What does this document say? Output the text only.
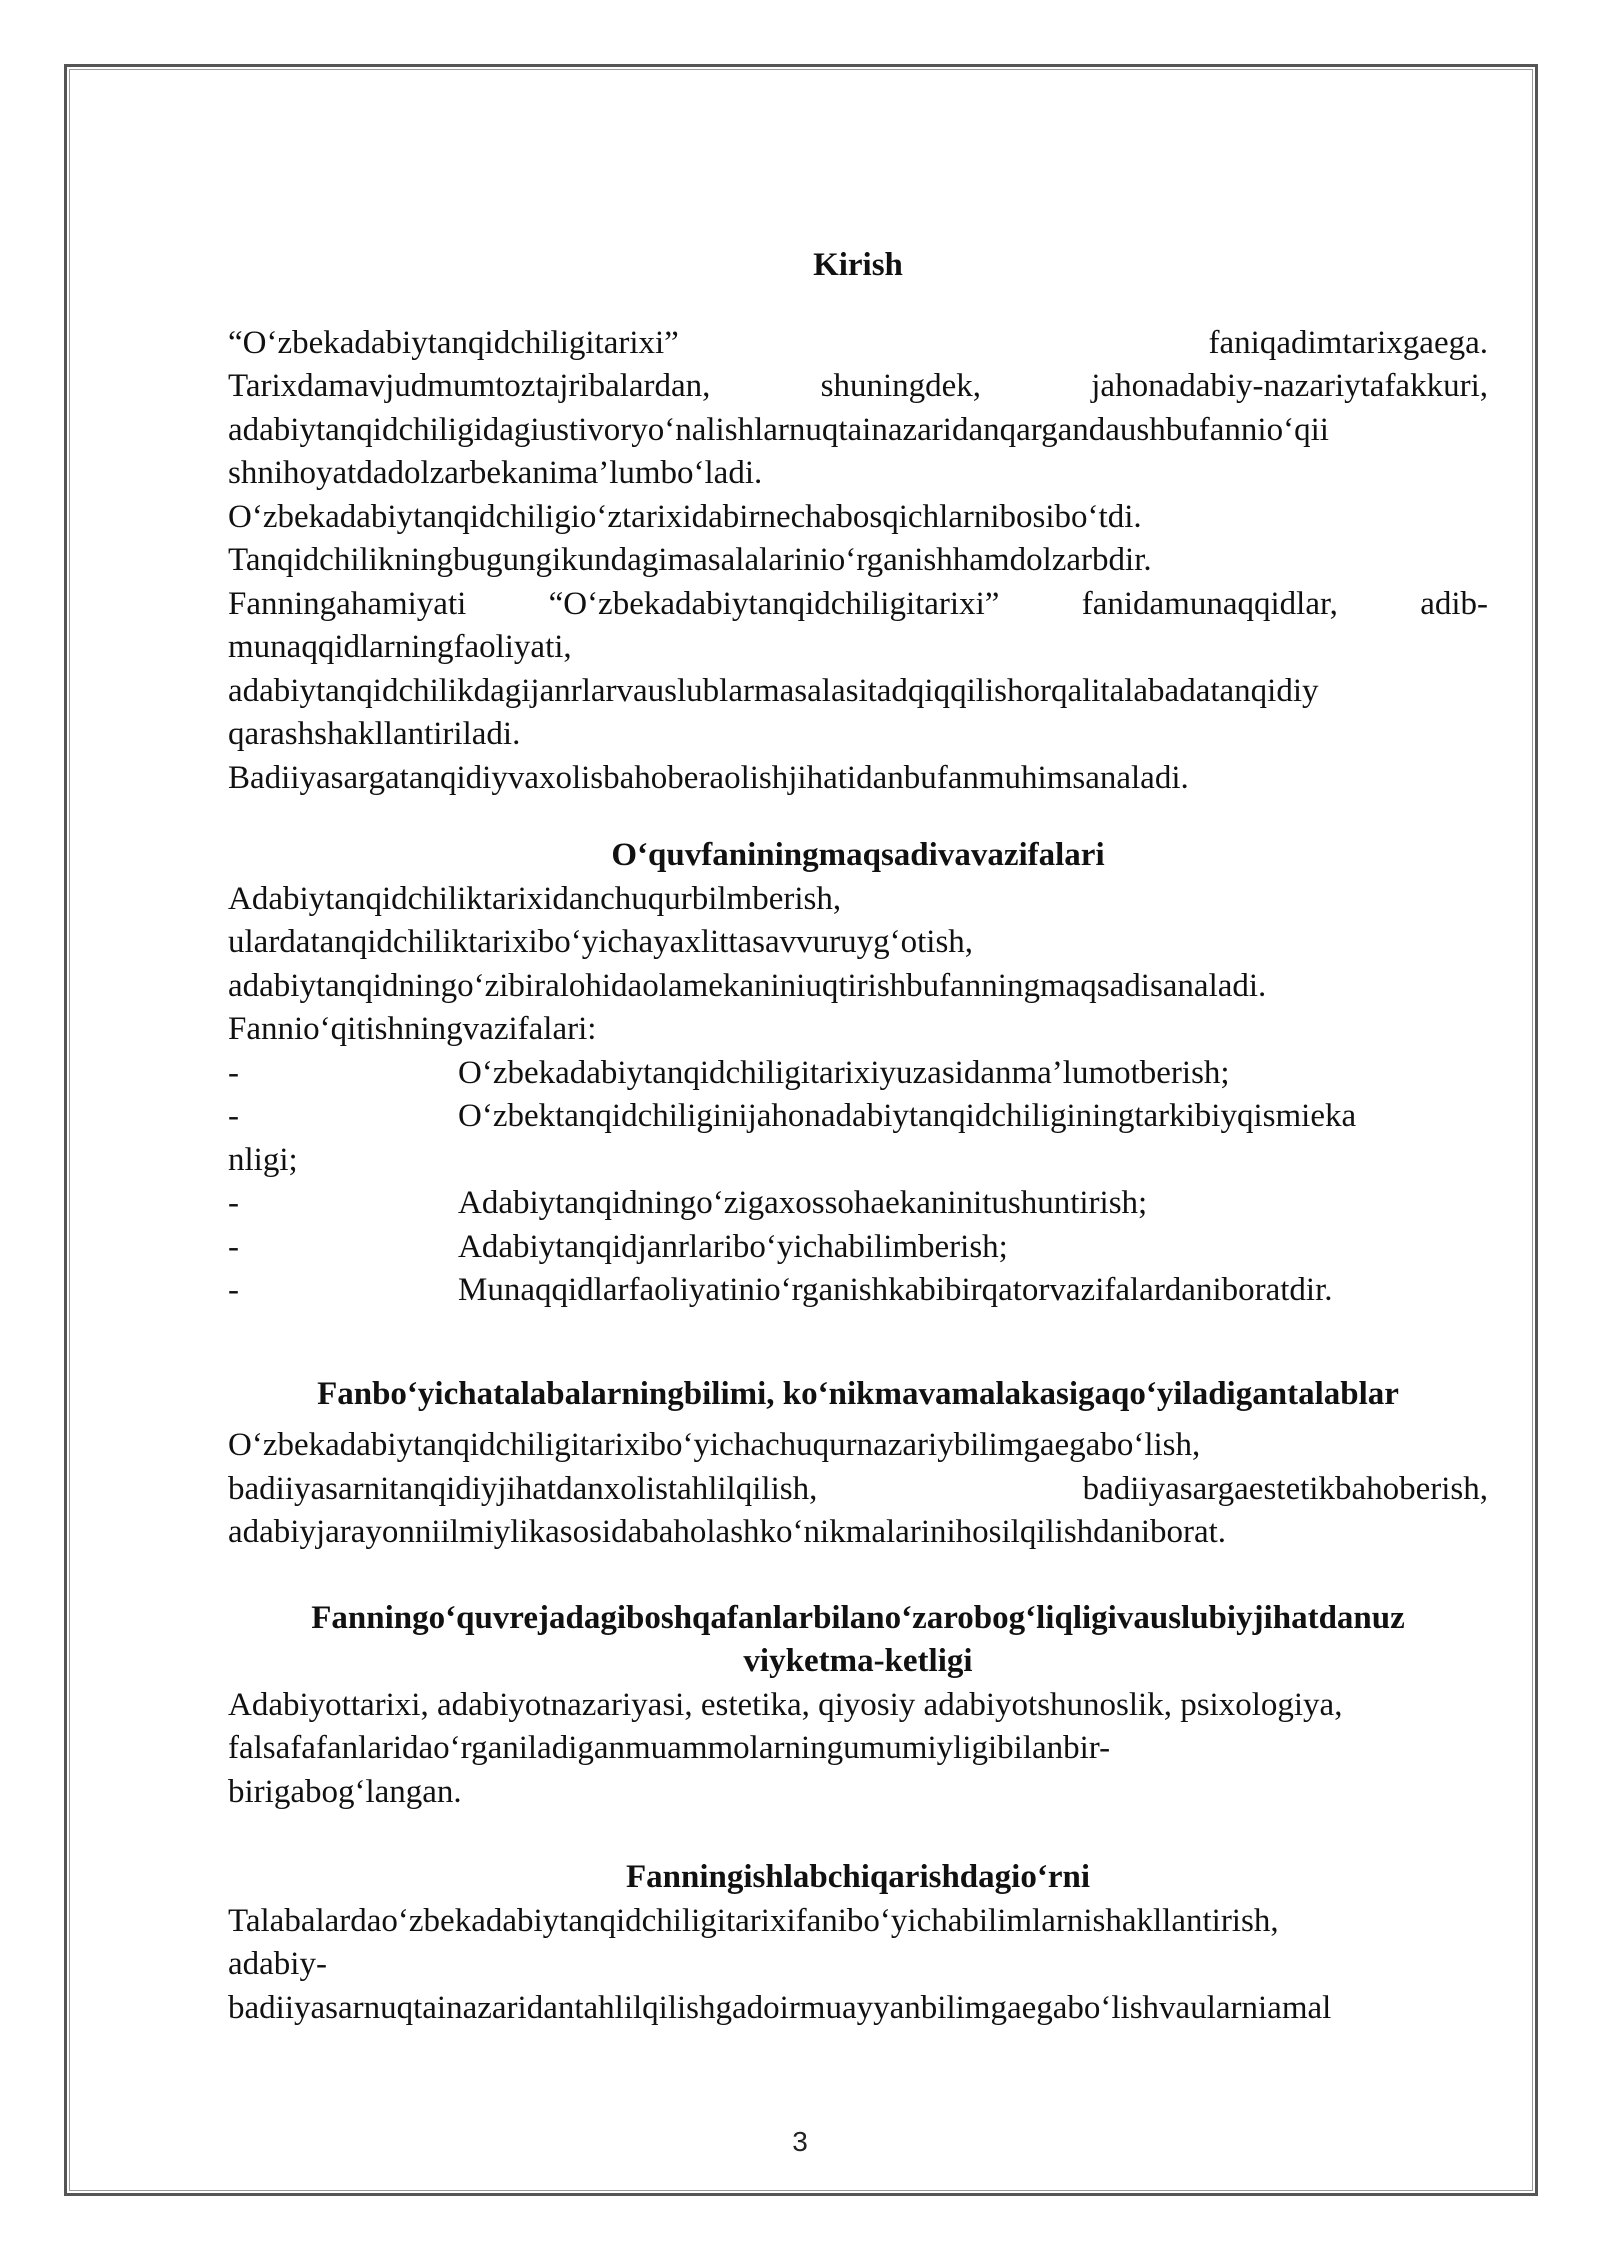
Kirish

“O‘zbekadabiytanqidchiligitarixi”	faniqadimtarixgaega.

Tarixdamavjudmumtoztajribalardan, shuningdek, jahonadabiy-nazariytafakkuri,

adabiytanqidchiligidagiustivoryo‘nalishlarnuqtainazaridanqargandaushbufannio‘qii
shnihoyatdadolzarbekanima’lumbo‘ladi.
O‘zbekadabiytanqidchiligio‘ztarixidabirnechabosqichlarnibosibo‘tdi.
Tanqidchilikningbugungikundagimasalalarinio‘rganishhamdolzarbdir.

Fanningahamiyati “O‘zbekadabiytanqidchiligitarixi” fanidamunaqqidlar, adib-

munaqqidlarningfaoliyati,
adabiytanqidchilikdagijanrlarvauslublarmasalasitadqiqqilishorqalitalabadatanqidiy
qarashshakllantiriladi.
Badiiyasargatanqidiyvaxolisbahoberaolishjihatidanbufanmuhimsanaladi.

O‘quvfaniningmaqsadivavazifalari

Adabiytanqidchiliktarixidanchuqurbilmberish,
ulardatanqidchiliktarixibo‘yichayaxlittasavvuruyg‘otish,
adabiytanqidningo‘zibiralohidaolamekaniniuqtirishbufanningmaqsadisanaladi.
Fannio‘qitishningvazifalari:
-	O‘zbekadabiytanqidchiligitarixiyuzasidanma’lumotberish;
-	O‘zbektanqidchiliginijahonadabiytanqidchiliginingtarkibiyqismieka
nligi;
-	Adabiytanqidningo‘zigaxossohaekaninitushuntirish;
-	Adabiytanqidjanrlaribo‘yichabilimberish;
-	Munaqqidlarfaoliyatinio‘rganishkabibirqatorvazifalardaniboratdir.

Fanbo‘yichatalabalarningbilimi, ko‘nikmavamalakasigaqo‘yiladigantalablar

O‘zbekadabiytanqidchiligitarixibo‘yichachuqurnazariybilimgaegabo‘lish,
badiiyasarnitanqidiyjihatdanxolistahlilqilish,	badiiyasargaestetikbahoberish,
adabiyjarayonniilmiylikasosidabaholashko‘nikmalarinihosilqilishdaniborat.

Fanningo‘quvrejadagiboshqafanlarbilano‘zarobog‘liqligivauslubiyjihatdanuz
viyketma-ketligi

Adabiyottarixi, adabiyotnazariyasi, estetika, qiyosiy adabiyotshunoslik, psixologiya,
falsafafanlaridao‘rganiladiganmuammolarningumumiyligibilanbir-
birigabog‘langan.

Fanningishlabchiqarishdagio‘rni

Talabalardao‘zbekadabiytanqidchiligitarixifanibo‘yichabilimlarnishakllantirish,
adabiy-
badiiyasarnuqtainazaridantahlilqilishgadoirmuayyanbilimgaegabo‘lishvaularniamal
3
